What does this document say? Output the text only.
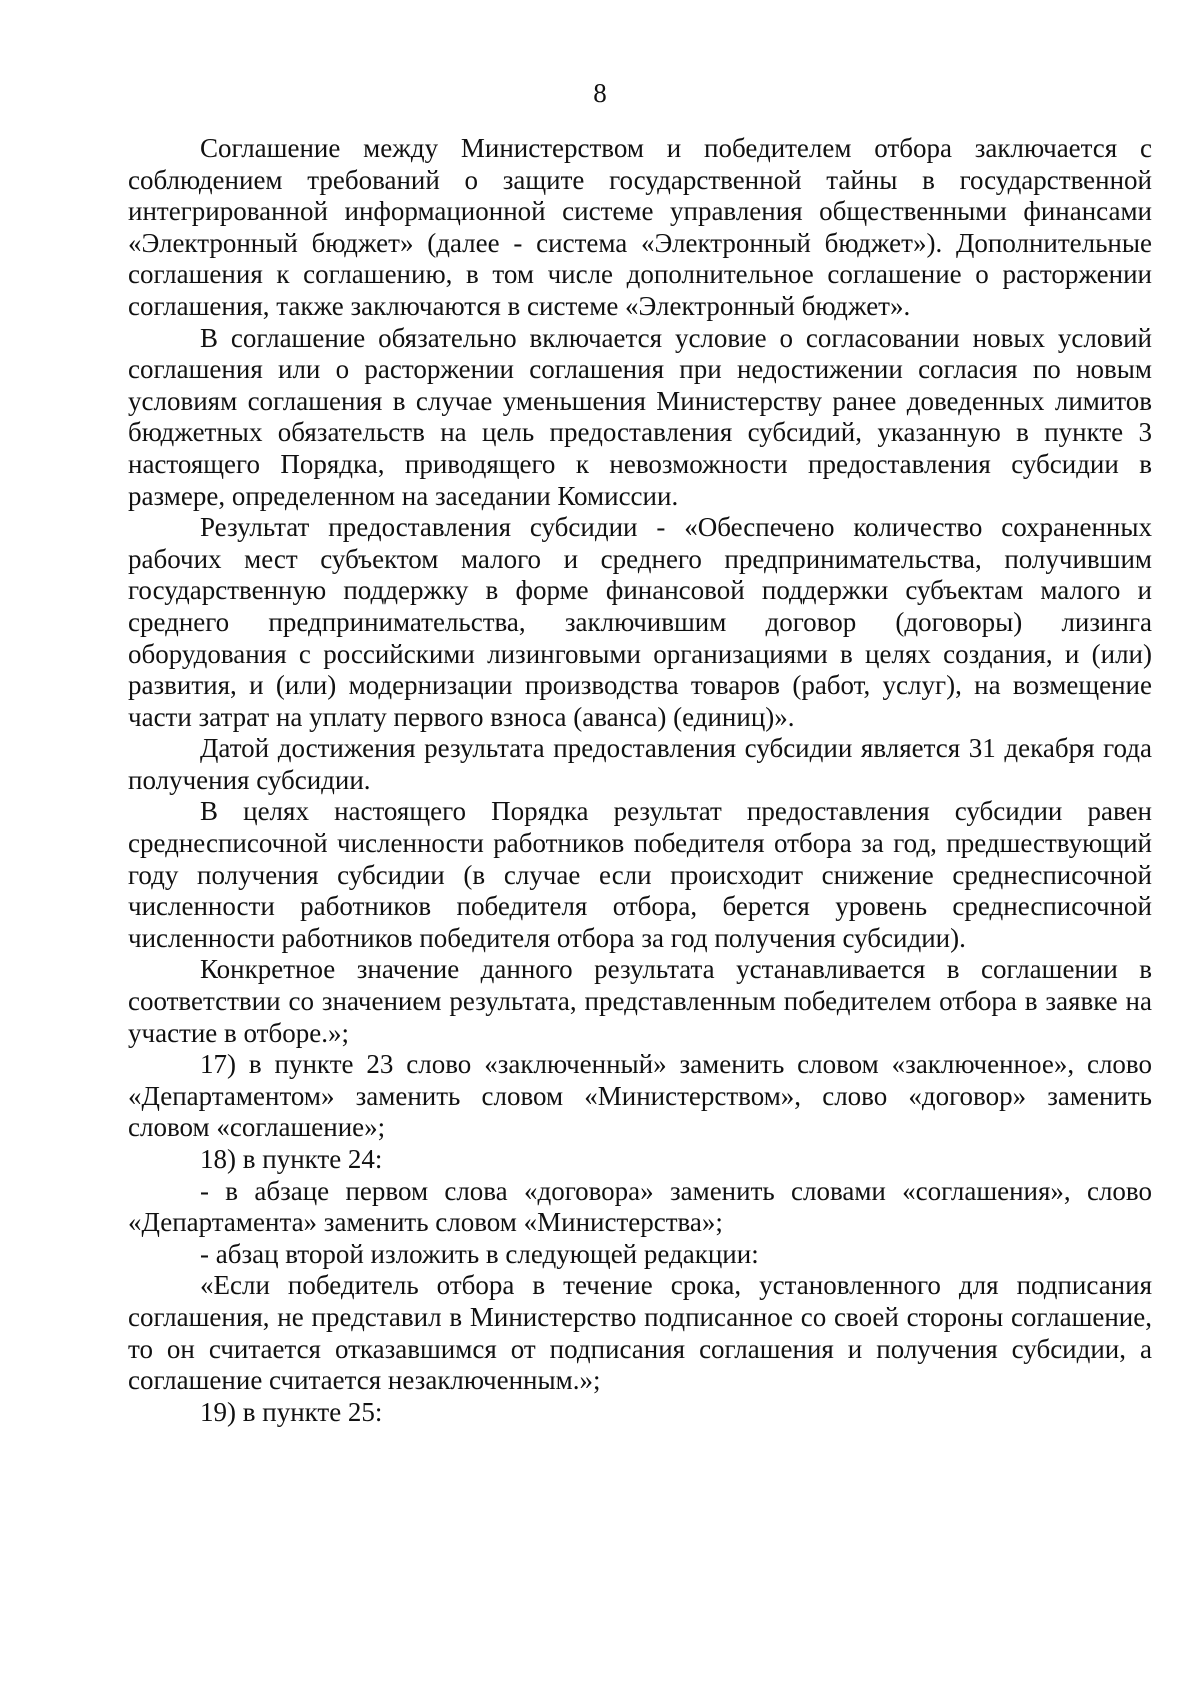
8

Соглашение между Министерством и победителем отбора заключается с соблюдением требований о защите государственной тайны в государственной интегрированной информационной системе управления общественными финансами «Электронный бюджет» (далее - система «Электронный бюджет»). Дополнительные соглашения к соглашению, в том числе дополнительное соглашение о расторжении соглашения, также заключаются в системе «Электронный бюджет».

В соглашение обязательно включается условие о согласовании новых условий соглашения или о расторжении соглашения при недостижении согласия по новым условиям соглашения в случае уменьшения Министерству ранее доведенных лимитов бюджетных обязательств на цель предоставления субсидий, указанную в пункте 3 настоящего Порядка, приводящего к невозможности предоставления субсидии в размере, определенном на заседании Комиссии.

Результат предоставления субсидии - «Обеспечено количество сохраненных рабочих мест субъектом малого и среднего предпринимательства, получившим государственную поддержку в форме финансовой поддержки субъектам малого и среднего предпринимательства, заключившим договор (договоры) лизинга оборудования с российскими лизинговыми организациями в целях создания, и (или) развития, и (или) модернизации производства товаров (работ, услуг), на возмещение части затрат на уплату первого взноса (аванса) (единиц)».

Датой достижения результата предоставления субсидии является 31 декабря года получения субсидии.

В целях настоящего Порядка результат предоставления субсидии равен среднесписочной численности работников победителя отбора за год, предшествующий году получения субсидии (в случае если происходит снижение среднесписочной численности работников победителя отбора, берется уровень среднесписочной численности работников победителя отбора за год получения субсидии).

Конкретное значение данного результата устанавливается в соглашении в соответствии со значением результата, представленным победителем отбора в заявке на участие в отборе.»;

17) в пункте 23 слово «заключенный» заменить словом «заключенное», слово «Департаментом» заменить словом «Министерством», слово «договор» заменить словом «соглашение»;

18) в пункте 24:

- в абзаце первом слова «договора» заменить словами «соглашения», слово «Департамента» заменить словом «Министерства»;

- абзац второй изложить в следующей редакции:

«Если победитель отбора в течение срока, установленного для подписания соглашения, не представил в Министерство подписанное со своей стороны соглашение, то он считается отказавшимся от подписания соглашения и получения субсидии, а соглашение считается незаключенным.»;

19) в пункте 25:
